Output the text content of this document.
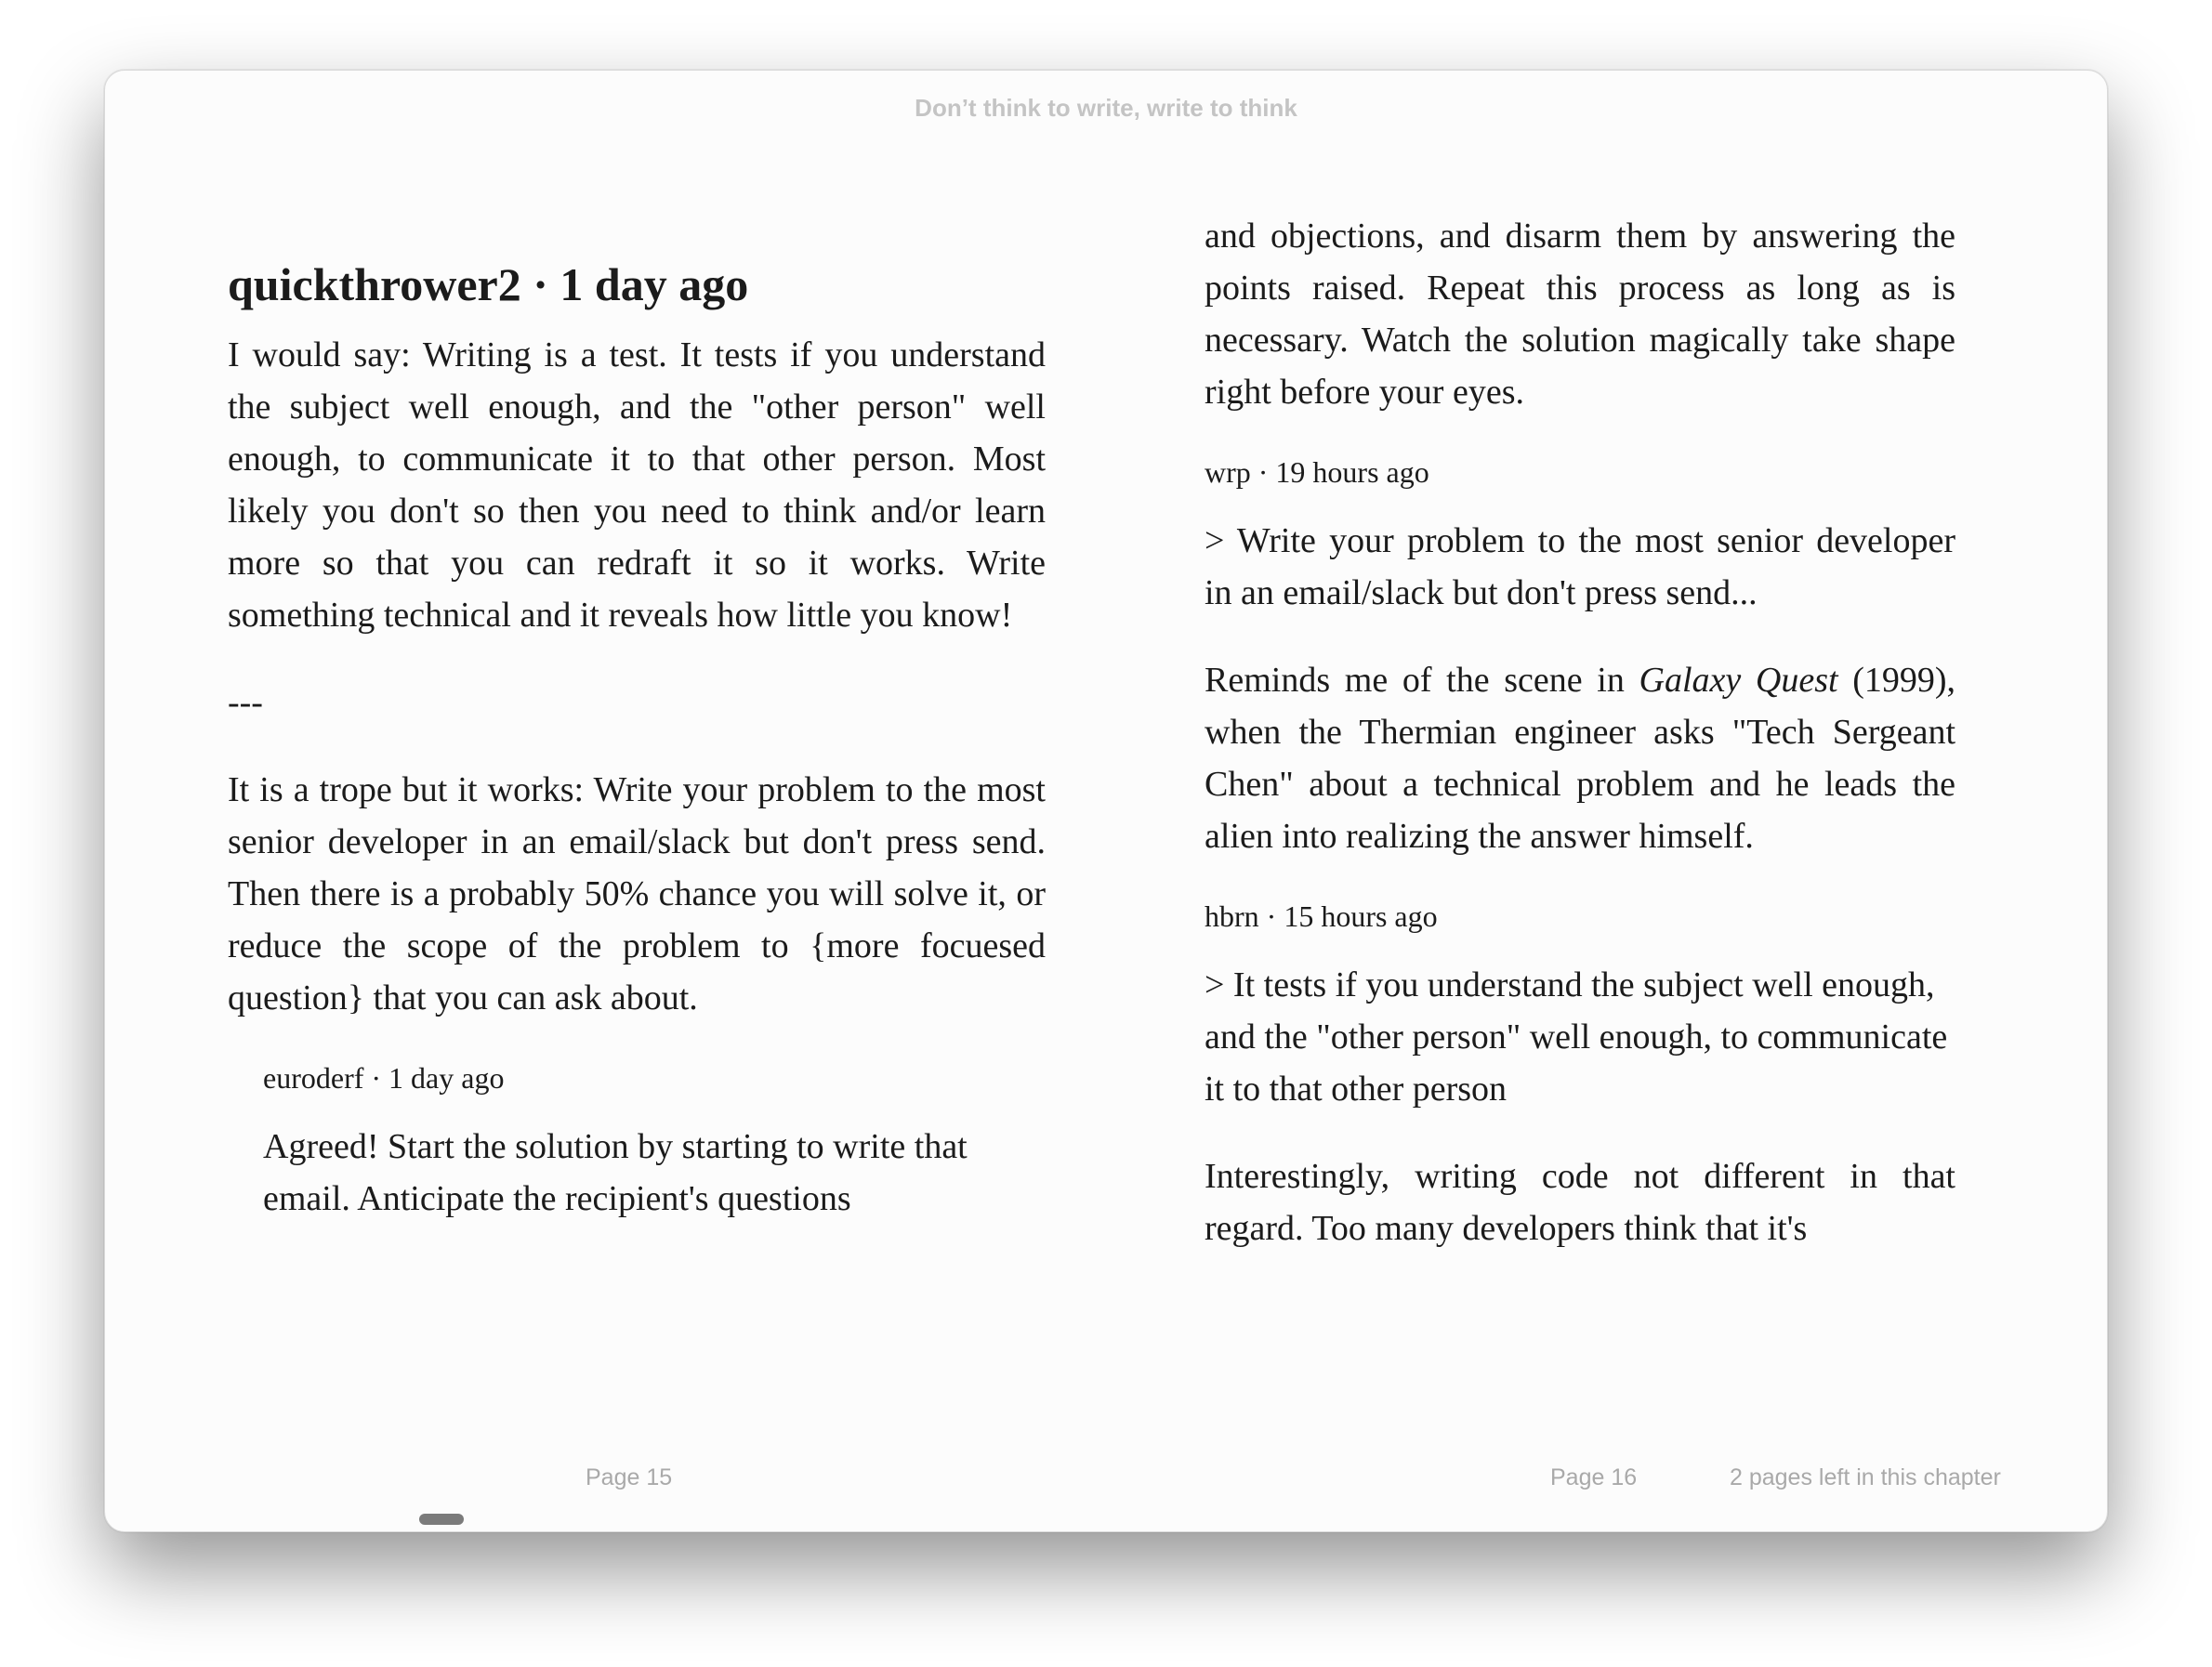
Don’t think to write, write to think
quickthrower2 · 1 day ago
I would say: Writing is a test. It tests if you understand the subject well enough, and the "other person" well enough, to communicate it to that other person. Most likely you don't so then you need to think and/or learn more so that you can redraft it so it works. Write something technical and it reveals how little you know!
---
It is a trope but it works: Write your problem to the most senior developer in an email/slack but don't press send. Then there is a probably 50% chance you will solve it, or reduce the scope of the problem to {more focuesed question} that you can ask about.
euroderf · 1 day ago
Agreed! Start the solution by starting to write that email. Anticipate the recipient's questions
and objections, and disarm them by answering the points raised. Repeat this process as long as is necessary. Watch the solution magically take shape right before your eyes.
wrp · 19 hours ago
> Write your problem to the most senior developer in an email/slack but don't press send...
Reminds me of the scene in Galaxy Quest (1999), when the Thermian engineer asks "Tech Sergeant Chen" about a technical problem and he leads the alien into realizing the answer himself.
hbrn · 15 hours ago
> It tests if you understand the subject well enough, and the "other person" well enough, to communicate it to that other person
Interestingly, writing code not different in that regard. Too many developers think that it's
Page 15	Page 16	2 pages left in this chapter
